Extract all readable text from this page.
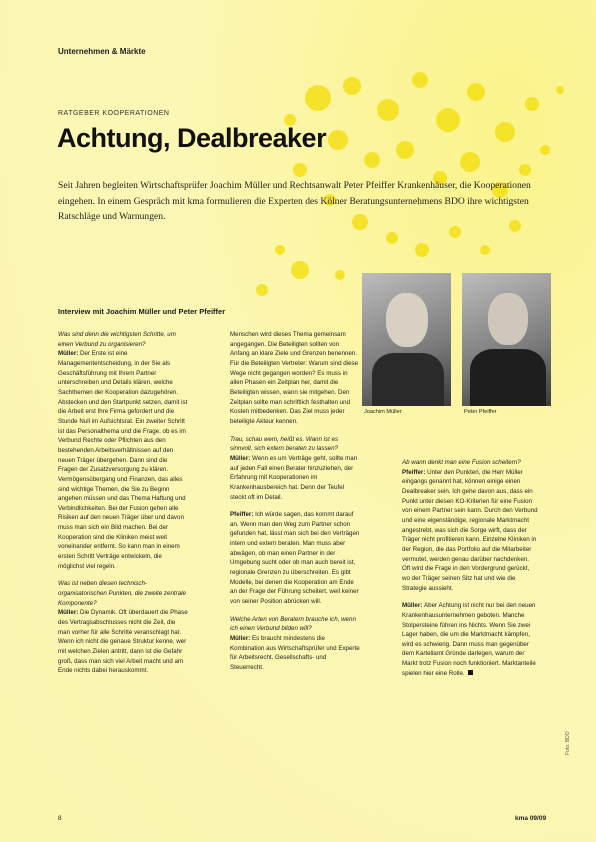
Unternehmen & Märkte
RATGEBER KOOPERATIONEN
Achtung, Dealbreaker
Seit Jahren begleiten Wirtschaftsprüfer Joachim Müller und Rechtsanwalt Peter Pfeiffer Krankenhäuser, die Kooperationen eingehen. In einem Gespräch mit kma formulieren die Experten des Kölner Beratungsunternehmens BDO ihre wichtigsten Ratschläge und Warnungen.
Interview mit Joachim Müller und Peter Pfeiffer

Was sind denn die wichtigsten Schritte, um einen Verbund zu organisieren?
Müller: Der Erste ist eine Managemententscheidung, in der Sie als Geschäftsführung mit Ihrem Partner unterschreiben und Details klären, welche Sachthemen der Kooperation dazugehören. Abstecken und den Startpunkt setzen, damit ist die Arbeit erst Ihre Firma gefordert und die Stunde Null im Aufsichtsrat. Ein zweiter Schritt ist das Personalthema und die Frage, ob es im Verbund Rechte oder Pflichten aus den bestehenden Arbeitsverhältnissen auf den neuen Träger übergehen. Dann sind die Fragen der Zusatzversorgung zu klären. Vermögensübergang und Finanzen, das alles sind wichtige Themen, die Sie zu Beginn angehen müssen und das Thema Haftung und Verbindlichkeiten. Bei der Fusion gehen alle Risiken auf den neuen Träger über und davon muss man sich ein Bild machen. Bei der Kooperation sind die Kliniken meist weit voneinander entfernt. So kann man in einem ersten Schritt Verträge entwickeln, die möglichst viel regeln.

Was ist neben diesen technisch-organisatorischen Punkten, die zweite zentrale Komponente?
Müller: Die Dynamik. Oft überdauert die Phase des Vertragsabschlusses nicht die Zeit, die man vorher für alle Schritte veranschlagt hat. Wenn ich nicht die genaue Struktur kenne, wer mit welchen Zielen antritt, dann ist die Gefahr groß, dass man sich viel Arbeit macht und am Ende nichts dabei herauskommt.

Menschen wird dieses Thema gemeinsam angegangen. Die Beteiligten sollten von Anfang an klare Ziele und Grenzen benennen. Für die Beteiligten Vertreter: Warum sind diese Wege nicht gegangen worden? Es muss in allen Phasen ein Zeitplan her, damit die Beteiligten wissen, wann sie mitgehen. Den Zeitplan sollte man schriftlich festhalten und Kosten mitbedenken. Das Ziel muss jeder beteiligte Akteur kennen.

Trau, schau wem, heißt es. Wann ist es sinnvoll, sich extern beraten zu lassen?
Müller: Wenn es um Verträge geht, sollte man auf jeden Fall einen Berater hinzuziehen, der Erfahrung mit Kooperationen im Krankenhausbereich hat. Denn der Teufel steckt oft im Detail.

Pfeiffer: Ich würde sagen, das kommt darauf an. Wenn man den Weg zum Partner schon gefunden hat, lässt man sich bei den Verträgen intern und extern beraten. Man muss aber abwägen, ob man einen Partner in der Umgebung sucht oder ob man auch bereit ist, regionale Grenzen zu überschreiten. Es gibt Modelle, bei denen die Kooperation am Ende an der Frage der Führung scheitert, weil keiner von seiner Position abrücken will.

Welche Arten von Beratern brauche ich, wenn ich einen Verbund bilden will?
Müller: Es braucht mindestens die Kombination aus Wirtschaftsprüfer und Experte für Arbeitsrecht, Gesellschafts- und Steuerrecht.

Ab wann denkt man eine Fusion scheitern?
Pfeiffer: Unter den Punkten, die Herr Müller eingangs genannt hat, können einige einen Dealbreaker sein. Ich gehe davon aus, dass ein Punkt unter diesen KO-Kriterien für eine Fusion von einem Partner sein kann. Durch den Verbund und eine eigenständige, regionale Marktmacht angestrebt, was sich die Sorge wirft, dass der Träger nicht profitieren kann. Einzelne Kliniken in der Region, die das Portfolio auf die Mitarbeiter vermutet, werden genau darüber nachdenken. Oft wird die Frage in den Vordergrund gerückt, wo der Träger seinen Sitz hat und wie die Strategie aussieht.

Müller: Aber Achtung ist nicht nur bei den neuen Krankenhausunternehmen geboten. Manche Stolpersteine führen ins Nichts. Wenn Sie zwei Lager haben, die um die Marktmacht kämpfen, wird es schwierig. Dann muss man gegenüber dem Kartellamt Gründe darlegen, warum der Markt trotz Fusion noch funktioniert. Marktanteile spielen hier eine Rolle.

Joachim Müller	Peter Pfeiffer
8	kma 09/09
Foto: BDO
